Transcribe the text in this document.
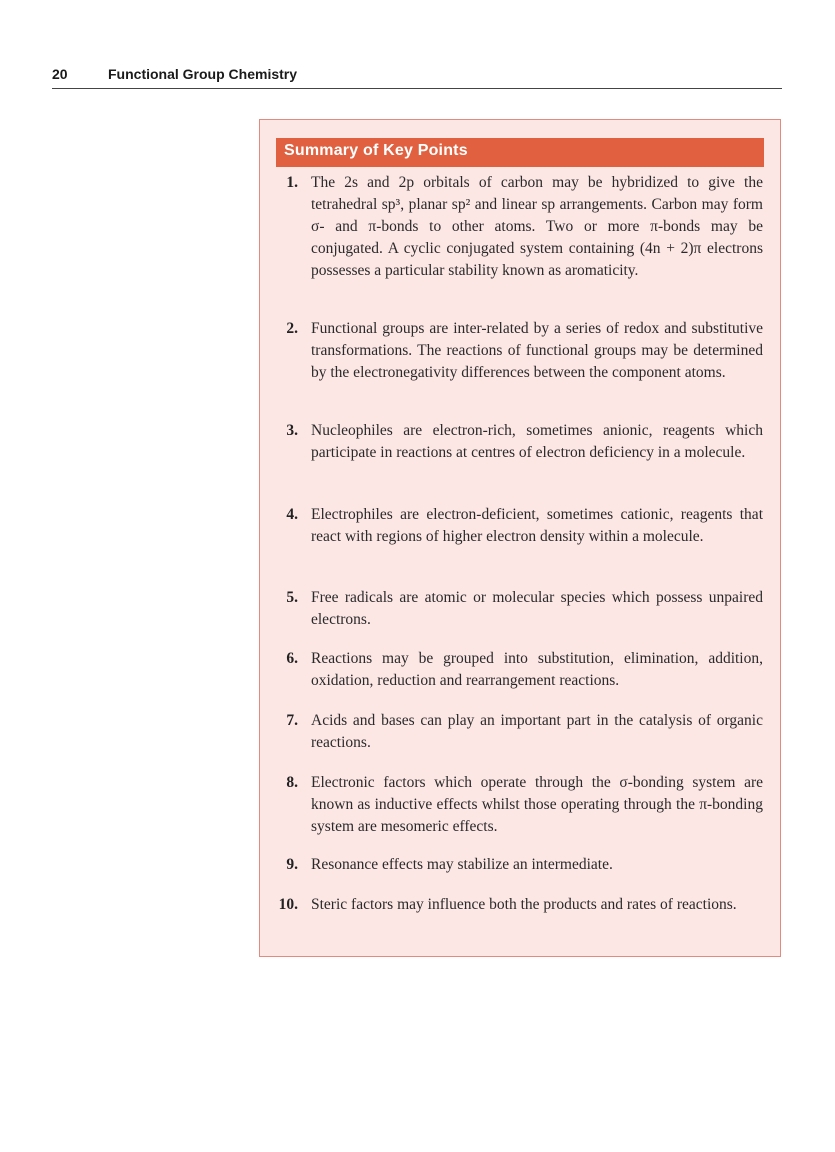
20	Functional Group Chemistry
Summary of Key Points
1. The 2s and 2p orbitals of carbon may be hybridized to give the tetrahedral sp³, planar sp² and linear sp arrangements. Carbon may form σ- and π-bonds to other atoms. Two or more π-bonds may be conjugated. A cyclic conjugated system containing (4n + 2)π electrons possesses a particular stability known as aromaticity.
2. Functional groups are inter-related by a series of redox and substitutive transformations. The reactions of functional groups may be determined by the electronegativity differences between the component atoms.
3. Nucleophiles are electron-rich, sometimes anionic, reagents which participate in reactions at centres of electron deficiency in a molecule.
4. Electrophiles are electron-deficient, sometimes cationic, reagents that react with regions of higher electron density within a molecule.
5. Free radicals are atomic or molecular species which possess unpaired electrons.
6. Reactions may be grouped into substitution, elimination, addition, oxidation, reduction and rearrangement reactions.
7. Acids and bases can play an important part in the catalysis of organic reactions.
8. Electronic factors which operate through the σ-bonding system are known as inductive effects whilst those operating through the π-bonding system are mesomeric effects.
9. Resonance effects may stabilize an intermediate.
10. Steric factors may influence both the products and rates of reactions.
